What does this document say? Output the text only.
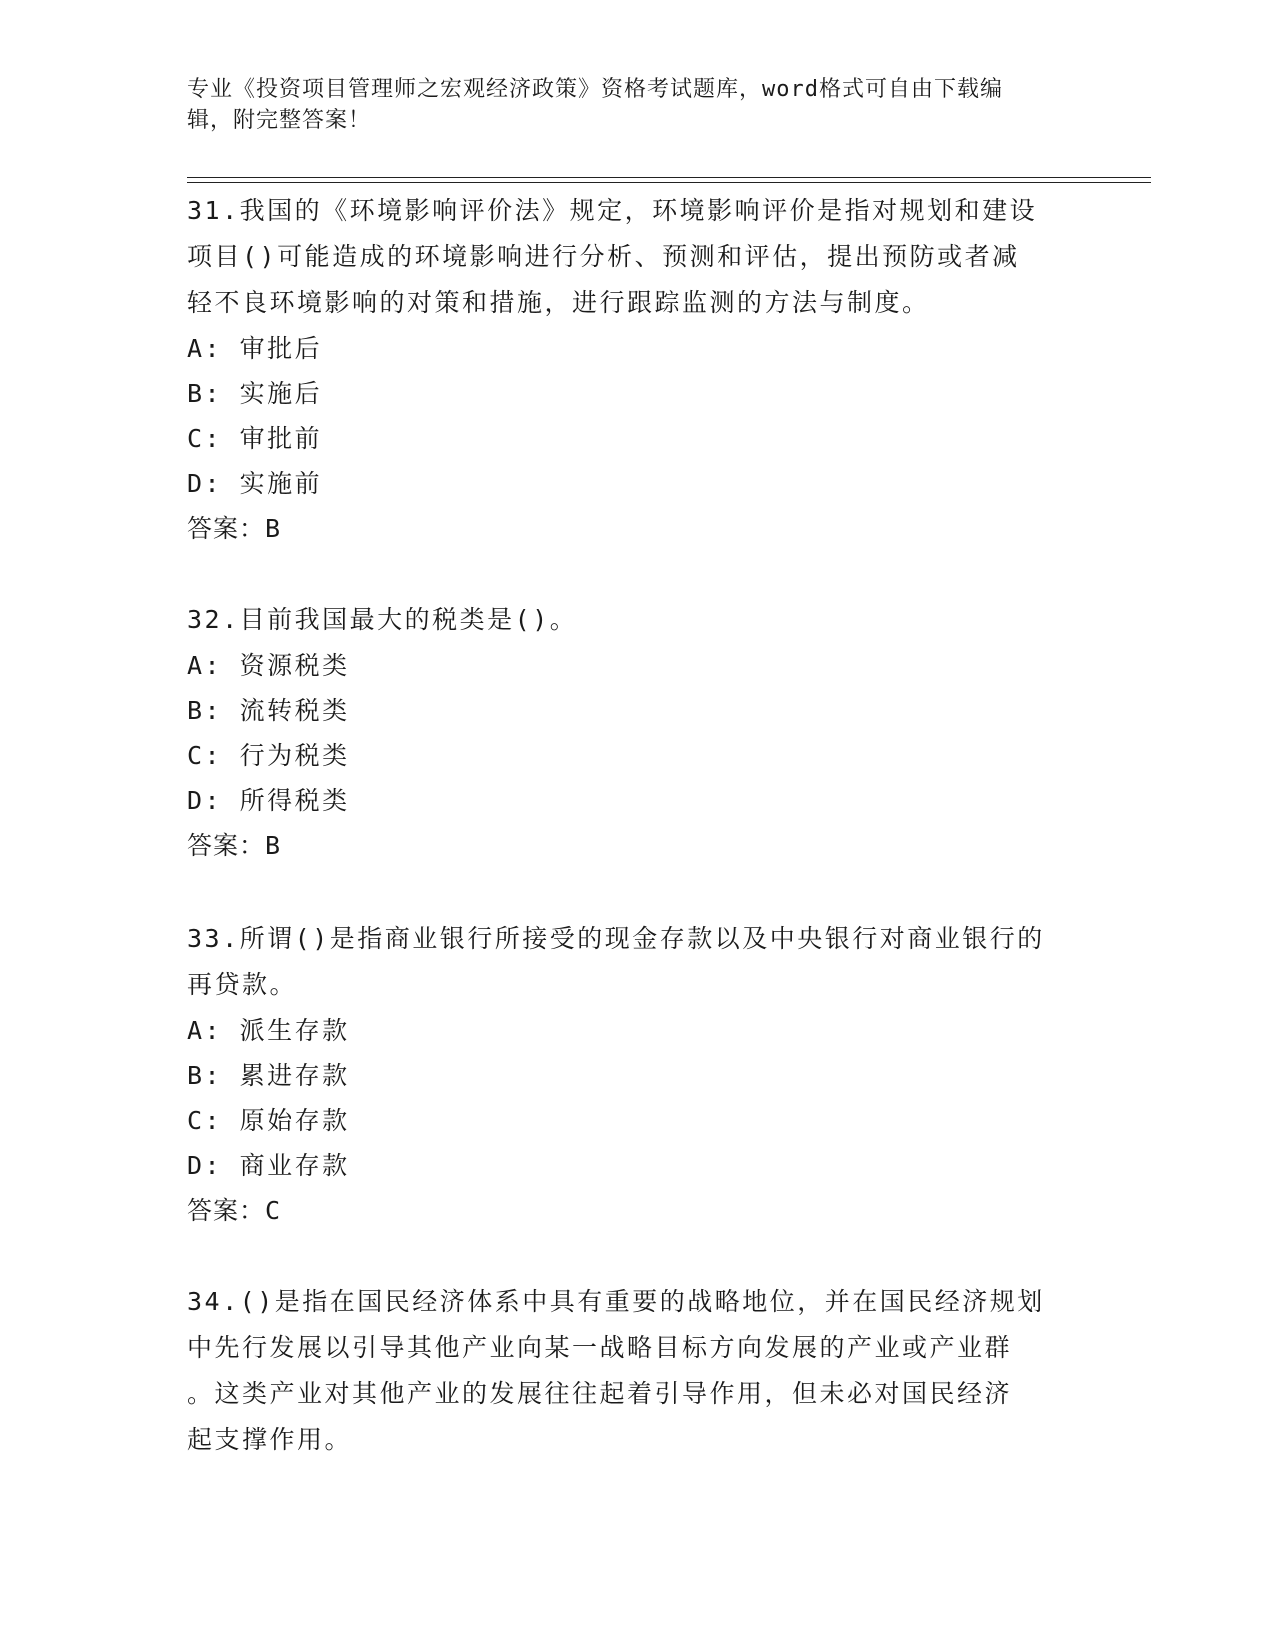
专业《投资项目管理师之宏观经济政策》资格考试题库，word格式可自由下载编
辑，附完整答案！
31.我国的《环境影响评价法》规定，环境影响评价是指对规划和建设
项目()可能造成的环境影响进行分析、预测和评估，提出预防或者减
轻不良环境影响的对策和措施，进行跟踪监测的方法与制度。
A: 审批后
B: 实施后
C: 审批前
D: 实施前
答案：B
32.目前我国最大的税类是()。
A: 资源税类
B: 流转税类
C: 行为税类
D: 所得税类
答案：B
33.所谓()是指商业银行所接受的现金存款以及中央银行对商业银行的
再贷款。
A: 派生存款
B: 累进存款
C: 原始存款
D: 商业存款
答案：C
34.()是指在国民经济体系中具有重要的战略地位，并在国民经济规划
中先行发展以引导其他产业向某一战略目标方向发展的产业或产业群
。这类产业对其他产业的发展往往起着引导作用，但未必对国民经济
起支撑作用。
